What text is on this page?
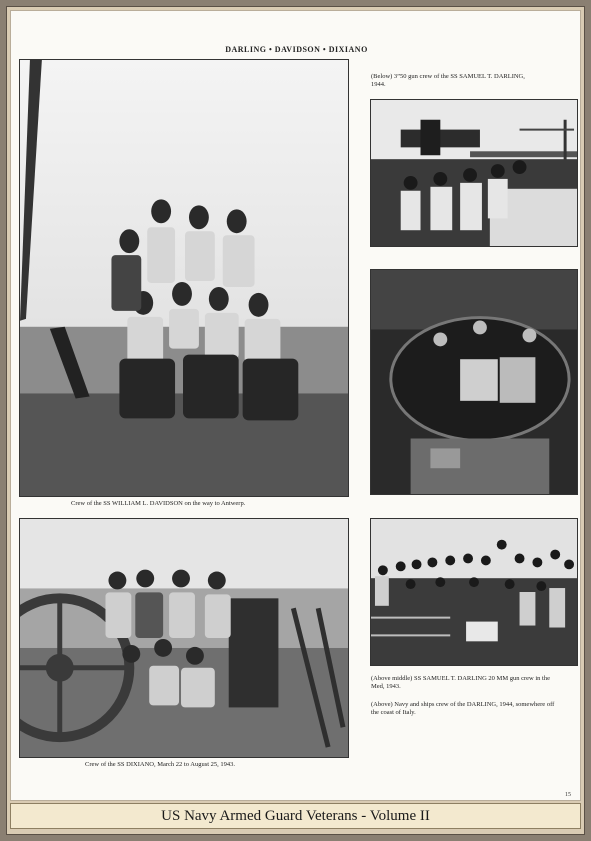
DARLING • DAVIDSON • DIXIANO
Crew of the SS WILLIAM L. DAVIDSON on the way to Antwerp.
(Below) 3”50 gun crew of the SS SAMUEL T. DARLING, 1944.
Crew of the SS DIXIANO, March 22 to August 25, 1943.
(Above middle) SS SAMUEL T. DARLING 20 MM gun crew in the Med, 1943.
(Above) Navy and ships crew of the DARLING, 1944, somewhere off the coast of Italy.
15
US Navy Armed Guard Veterans - Volume II
